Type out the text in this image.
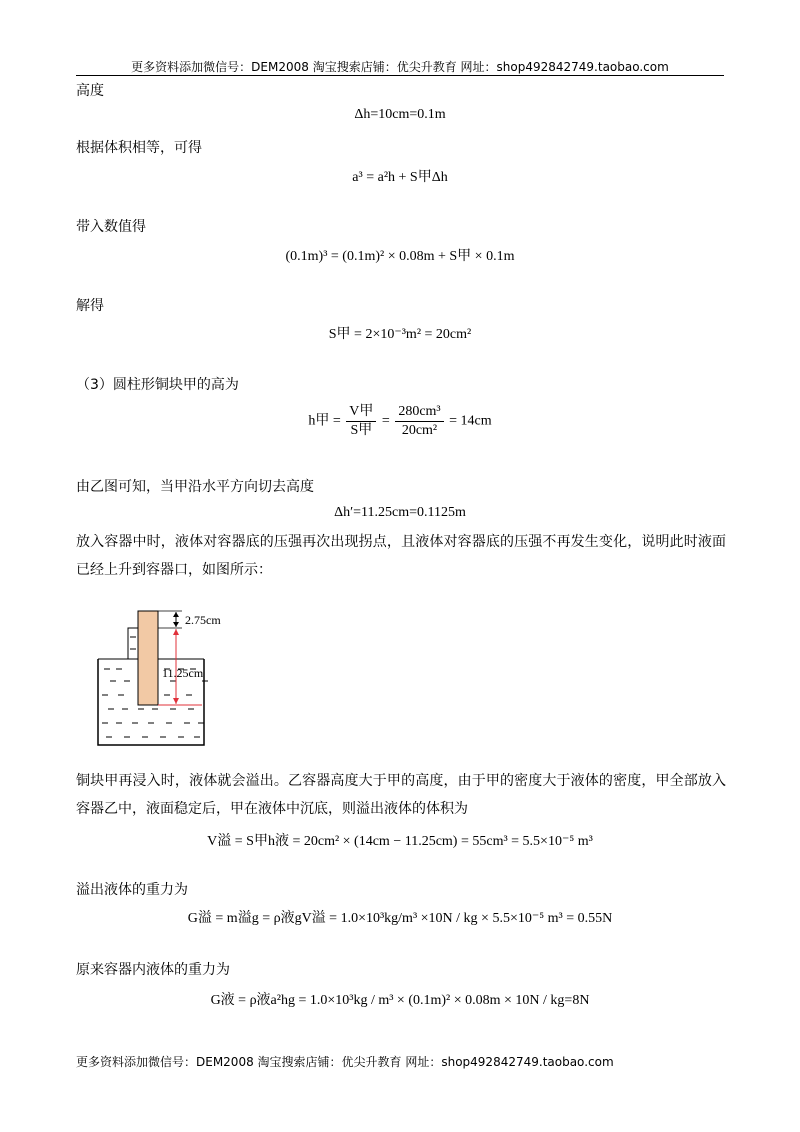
更多资料添加微信号：DEM2008 淘宝搜索店铺：优尖升教育 网址：shop492842749.taobao.com
高度
Δh=10cm=0.1m
根据体积相等，可得
a³ = a²h + S甲Δh
带入数值得
(0.1m)³ = (0.1m)² × 0.08m + S甲 × 0.1m
解得
S甲 = 2×10⁻³m² = 20cm²
（3）圆柱形铜块甲的高为
h甲 = $\frac{\text{V甲}}{\text{S甲}} = \frac{\text{280cm³}}{\text{20cm²}} = 14cm$
由乙图可知，当甲沿水平方向切去高度
Δh′=11.25cm=0.1125m
放入容器中时，液体对容器底的压强再次出现拐点，且液体对容器底的压强不再发生变化，说明此时液面已经上升到容器口，如图所示：
2.75cm
11.25cm
铜块甲再浸入时，液体就会溢出。乙容器高度大于甲的高度，由于甲的密度大于液体的密度，甲全部放入容器乙中，液面稳定后，甲在液体中沉底，则溢出液体的体积为
V溢 = S甲h液 = 20cm² × (14cm − 11.25cm) = 55cm³ = 5.5×10⁻⁵ m³
溢出液体的重力为
G溢 = m溢g = ρ液gV溢 = 1.0×10³kg/m³ ×10N / kg × 5.5×10⁻⁵ m³ = 0.55N
原来容器内液体的重力为
G液 = ρ液a²hg = 1.0×10³kg / m³ × (0.1m)² × 0.08m × 10N / kg=8N
更多资料添加微信号：DEM2008 淘宝搜索店铺：优尖升教育 网址：shop492842749.taobao.com
